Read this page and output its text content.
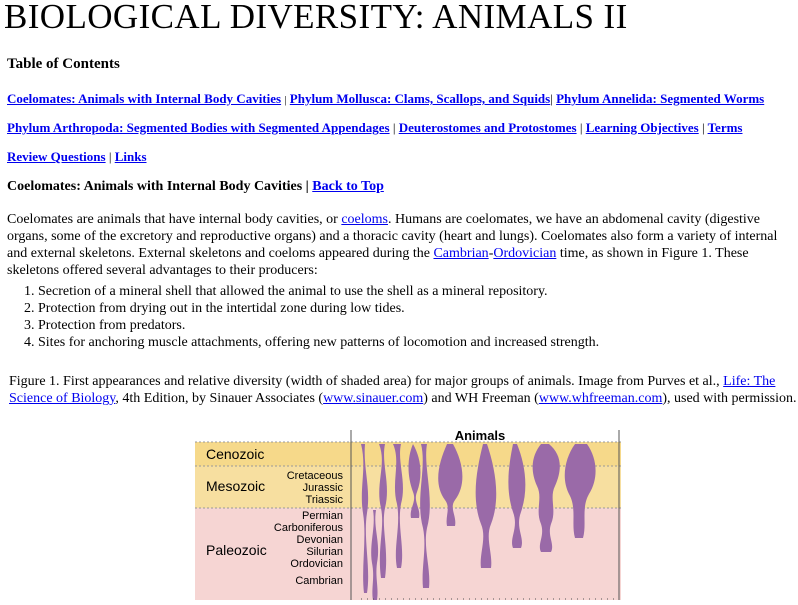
BIOLOGICAL DIVERSITY: ANIMALS II
Table of Contents
Coelomates: Animals with Internal Body Cavities | Phylum Mollusca: Clams, Scallops, and Squids| Phylum Annelida: Segmented Worms
Phylum Arthropoda: Segmented Bodies with Segmented Appendages | Deuterostomes and Protostomes | Learning Objectives | Terms
Review Questions | Links
Coelomates: Animals with Internal Body Cavities | Back to Top
Coelomates are animals that have internal body cavities, or coeloms. Humans are coelomates, we have an abdomenal cavity (digestive organs, some of the excretory and reproductive organs) and a thoracic cavity (heart and lungs). Coelomates also form a variety of internal and external skeletons. External skeletons and coeloms appeared during the Cambrian-Ordovician time, as shown in Figure 1. These skeletons offered several advantages to their producers:
1. Secretion of a mineral shell that allowed the animal to use the shell as a mineral repository.
2. Protection from drying out in the intertidal zone during low tides.
3. Protection from predators.
4. Sites for anchoring muscle attachments, offering new patterns of locomotion and increased strength.
Figure 1. First appearances and relative diversity (width of shaded area) for major groups of animals. Image from Purves et al., Life: The Science of Biology, 4th Edition, by Sinauer Associates (www.sinauer.com) and WH Freeman (www.whfreeman.com), used with permission.
Animals
Cenozoic
Mesozoic
Paleozoic
Cretaceous
Jurassic
Triassic
Permian
Carboniferous
Devonian
Silurian
Ordovician
Cambrian
